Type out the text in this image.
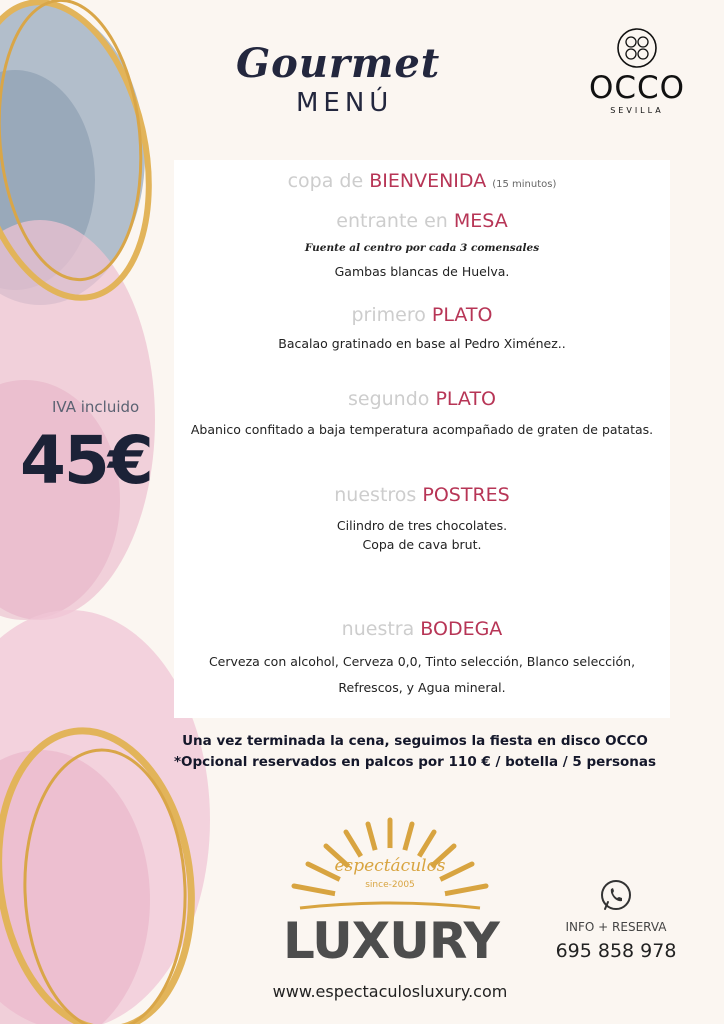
Gourmet
MENÚ	OCCO
SEVILLA
IVA incluido
45€
copa de BIENVENIDA (15 minutos)
entrante en MESA
Fuente al centro por cada 3 comensales
Gambas blancas de Huelva.
primero PLATO
Bacalao gratinado en base al Pedro Ximénez..
segundo PLATO
Abanico confitado a baja temperatura acompañado de graten de patatas.
nuestros POSTRES
Cilindro de tres chocolates.
Copa de cava brut.
nuestra BODEGA
Cerveza con alcohol, Cerveza 0,0, Tinto selección, Blanco selección,
Refrescos, y Agua mineral.
Una vez terminada la cena, seguimos la fiesta en disco OCCO
*Opcional reservados en palcos por 110 € / botella / 5 personas
espectáculos
since-2005
LUXURY
www.espectaculosluxury.com
INFO + RESERVA
695 858 978
